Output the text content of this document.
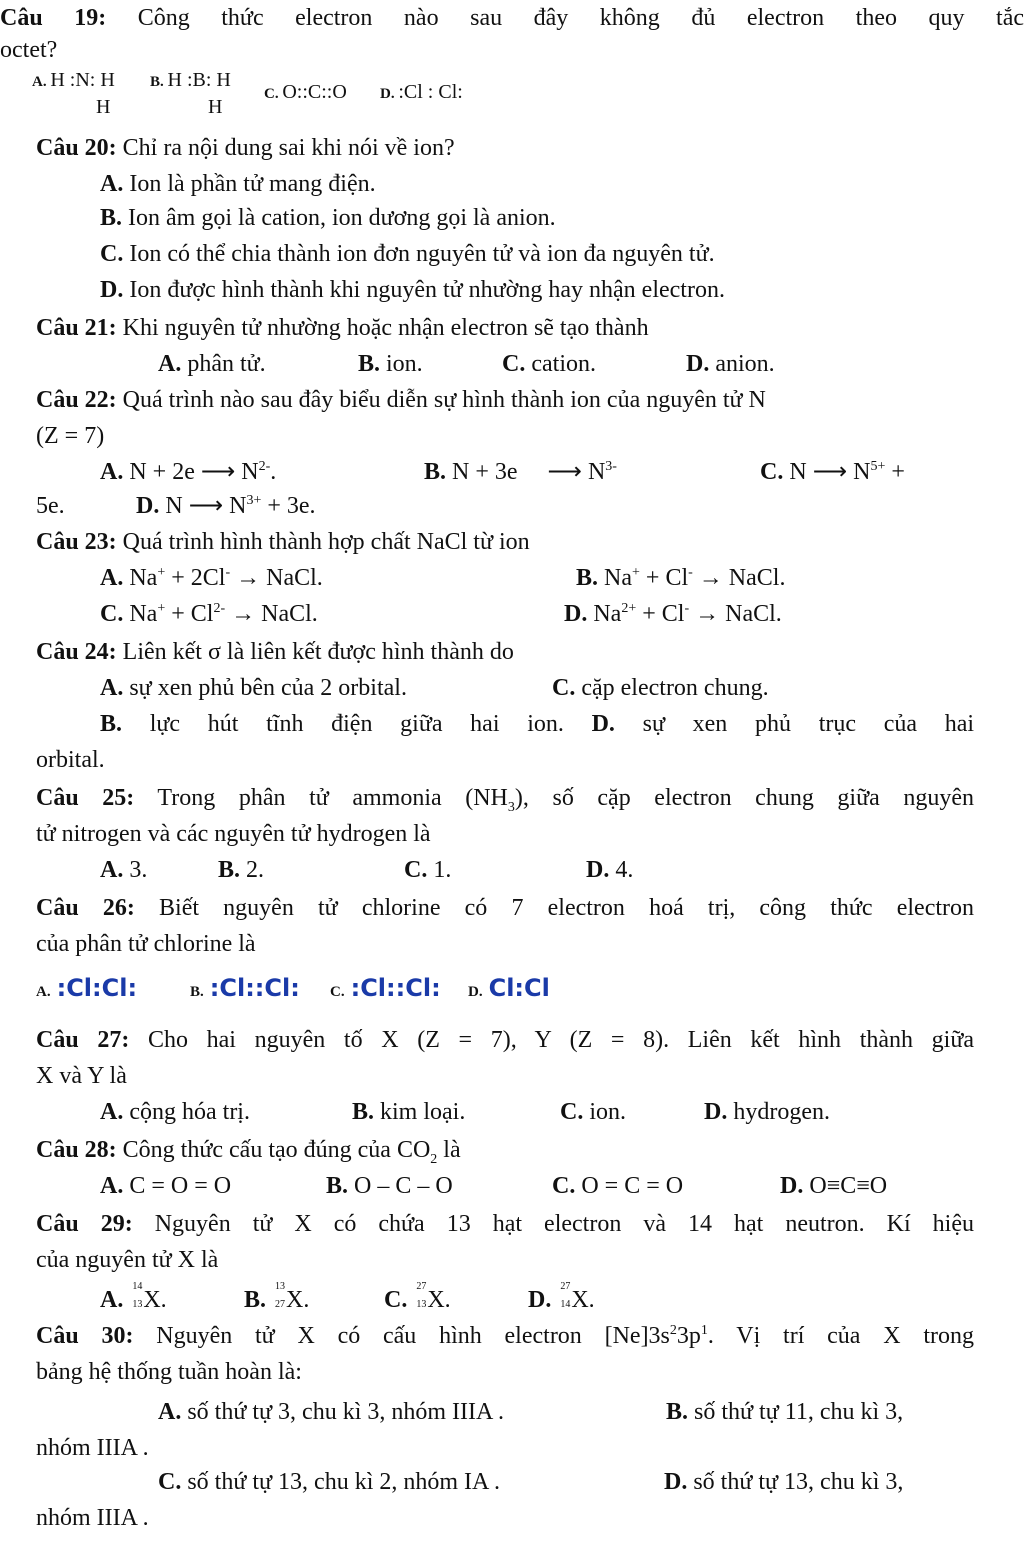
Câu 19: Công thức electron nào sau đây không đủ electron theo quy tắc
octet?
A. H :N: H
H
B. H :B: H
H
C. O::C::O D. :Cl : Cl:
Câu 20: Chỉ ra nội dung sai khi nói về ion?
A. Ion là phần tử mang điện.
B. Ion âm gọi là cation, ion dương gọi là anion.
C. Ion có thể chia thành ion đơn nguyên tử và ion đa nguyên tử.
D. Ion được hình thành khi nguyên tử nhường hay nhận electron.
Câu 21: Khi nguyên tử nhường hoặc nhận electron sẽ tạo thành
A. phân tử.	B. ion.	C. cation.	D. anion.
Câu 22: Quá trình nào sau đây biểu diễn sự hình thành ion của nguyên tử N
(Z = 7)
A. N + 2e ⟶ $N^{2-}$.	B. N + 3e ⟶ $N^{3-}$	C. N ⟶ $N^{5+}$ +
5e.	D. N ⟶ $N^{3+} + 3e$.
Câu 23: Quá trình hình thành hợp chất NaCl từ ion
A. Na+ + 2Cl- → NaCl.	B. Na+ + Cl- → NaCl.
C. $Na^+ + Cl^{2-}$ → NaCl.	D. $Na^{2+} + Cl^-$ → NaCl.
Câu 24: Liên kết σ là liên kết được hình thành do
A. sự xen phủ bên của 2 orbital.	C. cặp electron chung.
B. lực hút tĩnh điện giữa hai ion. D. sự xen phủ trục của hai
orbital.
Câu 25: Trong phân tử ammonia $(NH_3)$, số cặp electron chung giữa nguyên
tử nitrogen và các nguyên tử hydrogen là
A. 3.	B. 2.	C. 1.	D. 4.
Câu 26: Biết nguyên tử chlorine có 7 electron hoá trị, công thức electron
của phân tử chlorine là
A. :Cl:Cl:	B. :Cl::Cl: C. :Cl::Cl: D. Cl:Cl
Câu 27: Cho hai nguyên tố X (Z = 7), Y (Z = 8). Liên kết hình thành giữa
X và Y là
A. cộng hóa trị.	B. kim loại.	C. ion.	D. hydrogen.
Câu 28: Công thức cấu tạo đúng của $CO_2$ là
A. C = O = O	B. O – C – O	C. O = C = O	D. O≡C≡O
Câu 29: Nguyên tử X có chứa 13 hạt electron và 14 hạt neutron. Kí hiệu
của nguyên tử X là
A.
14
13 X.	B.
13
27 X.	C.
27
13 X.	D.
27
14 X.
Câu 30: Nguyên tử X có cấu hình electron $[Ne]3s^23p^1$. Vị trí của X trong
bảng hệ thống tuần hoàn là:
A. số thứ tự 3, chu kì 3, nhóm IIIA .	B. số thứ tự 11, chu kì 3,
nhóm IIIA .
C. số thứ tự 13, chu kì 2, nhóm IA .	D. số thứ tự 13, chu kì 3,
nhóm IIIA .
